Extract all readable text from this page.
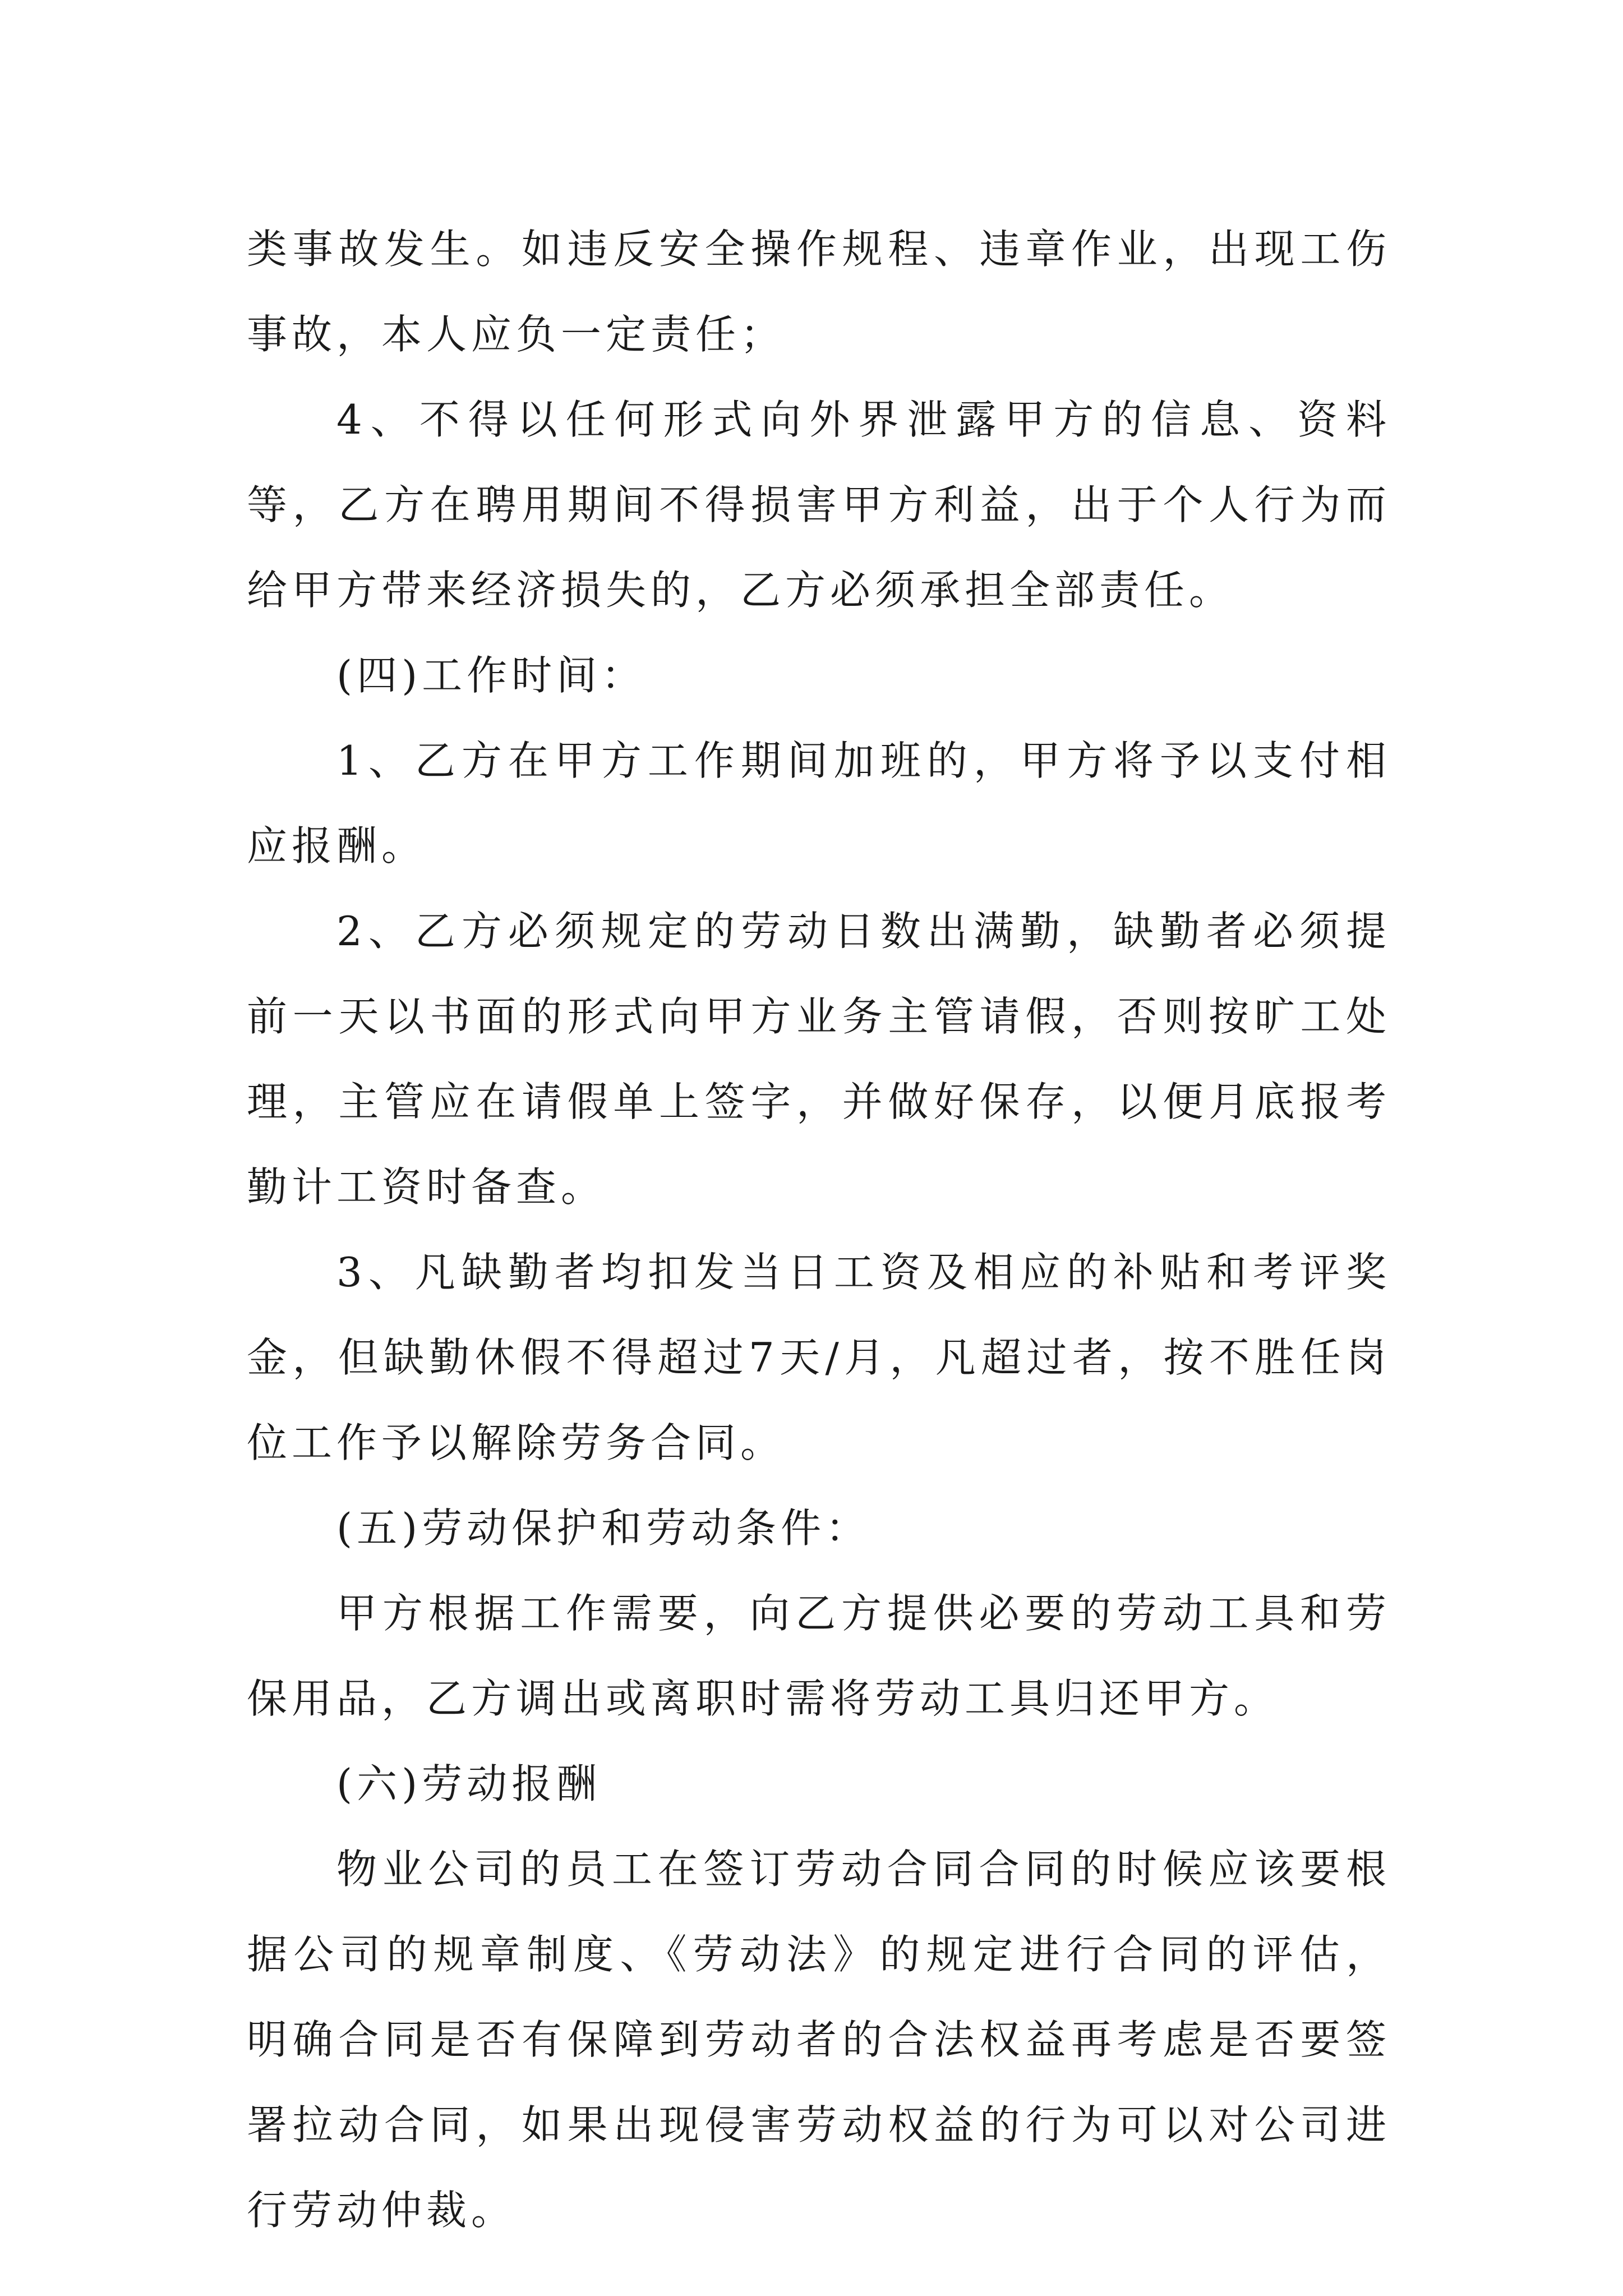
类事故发生。如违反安全操作规程、违章作业，出现工伤事故，本人应负一定责任；

4、不得以任何形式向外界泄露甲方的信息、资料等，乙方在聘用期间不得损害甲方利益，出于个人行为而给甲方带来经济损失的，乙方必须承担全部责任。

(四)工作时间：

1、乙方在甲方工作期间加班的，甲方将予以支付相应报酬。

2、乙方必须规定的劳动日数出满勤，缺勤者必须提前一天以书面的形式向甲方业务主管请假，否则按旷工处理，主管应在请假单上签字，并做好保存，以便月底报考勤计工资时备查。

3、凡缺勤者均扣发当日工资及相应的补贴和考评奖金，但缺勤休假不得超过7天/月，凡超过者，按不胜任岗位工作予以解除劳务合同。

(五)劳动保护和劳动条件：

甲方根据工作需要，向乙方提供必要的劳动工具和劳保用品，乙方调出或离职时需将劳动工具归还甲方。

(六)劳动报酬

物业公司的员工在签订劳动合同合同的时候应该要根据公司的规章制度、《劳动法》的规定进行合同的评估，明确合同是否有保障到劳动者的合法权益再考虑是否要签署拉动合同，如果出现侵害劳动权益的行为可以对公司进行劳动仲裁。
